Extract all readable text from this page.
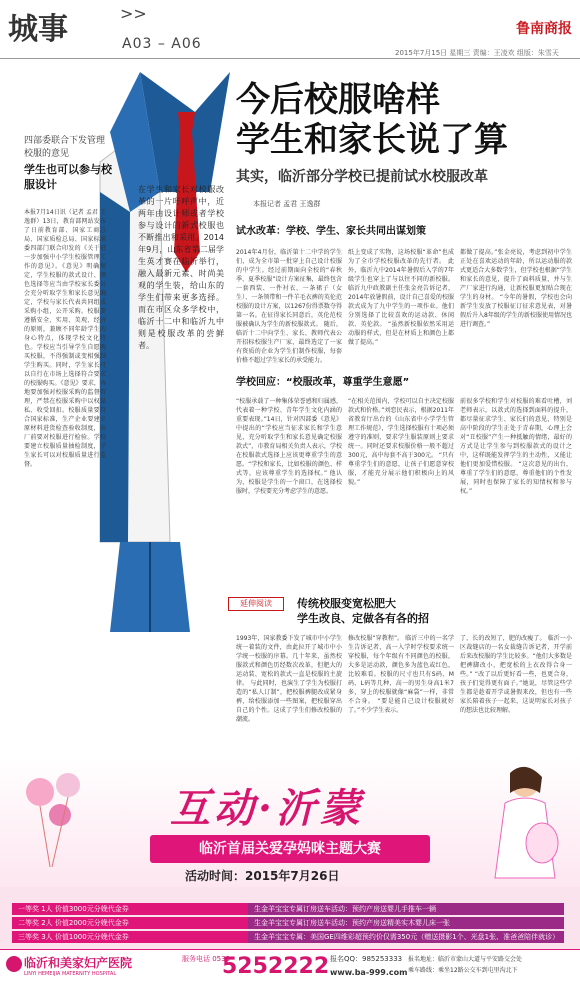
城事	>>
A03 – A06
鲁南商报
2015年7月15日 星期三 责编：王凌欢 组版：朱雪天
今后校服啥样
学生和家长说了算
其实，临沂部分学校已提前试水校服改革
本报记者 孟君 王逸群
在学生和家长对校服改革的一片吁呼声中，近两年由设计师或者学校参与设计的新式校服也不断推出和采用。2014年9月，山东省第二届学生英才赛在临沂举行，融入最新元素、时尚美观的学生装，给山东的学生们带来更多选择。 而在市区众多学校中，临沂十二中和临沂九中则是校服改革的尝鲜者。
四部委联合下发管理校服的意见
学生也可以参与校服设计
本报7月14日讯（记者 孟君 王逸群）13日，教育部网站发布了日前教育部、国家工商总局、国家质检总局、国家标准委四部门联合印发的《关于进一步加强中小学生校服管理工作的意见》。《意见》明确规定，学生校服的款式设计、颜色选择等应当由学校家长委员会充分听取学生和家长意见确定，学校与家长代表共同组成采购小组，公开采购。校服要遵循安全、实用、美观、经济的原则，兼顾不同年龄学生的身心特点，体现学校文化特色。学校应当引导学生自愿购买校服，不得强制或变相强制学生购买。同时，学生家长可以自行在市场上选择符合要求的校服购买。《意见》要求，各地要加强对校服采购的监督管理，严禁在校服采购中以权谋私、收受回扣。校服质量要符合国家标准，生产企业要建立原材料进货检查验收制度，出厂前要对校服进行检验。学校要建立校服质量抽检制度，学生家长可以对校服质量进行监督。
试水改革：学校、学生、家长共同出谋划策
2014年4月份，临沂第十二中学的学生们，成为全市第一批穿上自己设计校服的中学生。经过前期面向全校的“春秋季、夏季校服”设计方案征集，最终包含一套西装、一件衬衣、一条裙子（女生）、一条领带和一件羊毛衣裤的英伦范校服的设计方案，以1267份得票数夺得第一名。在征得家长同意后，英伦范校服被确认为学生的新校服款式。 随后，临沂十二中向学生、家长、教师代表公开招标校服生产厂家，最终选定了一家有资质的企业为学生们制作校服，每套价格不超过学生家长的承受能力。
纸上变成了实物，这场校服“革命”也成为了全市学校校服改革的先行者。 此外，临沂九中2014年暑假后入学的7年级学生也穿上了与以往不同的新校服。临沂九中政教副主任张金亮告诉记者，2014年放暑假前，设计自己喜爱的校服款式成为了九中学生的一项作业。他们分别选择了比较喜欢的运动款、休闲款、英伦款。 “虽然新校服依然采用运动服的样式，但是在材质上和颜色上都做了提高。”
都做了提高。”张金亮说，考虑到初中学生正处在喜欢运动的年龄，所以运动服的款式更适合大多数学生，但学校也根据“学生和家长的意见，提升了面料质量，并与生产厂家进行沟通，让新校服更加贴合现在学生的身材。 “今年的暑假，学校也会向新学生发放了校服征订征求意见表，对暑假后升入8年级的学生的新校服使用情况也进行调查。”
学校回应：“校服改革，尊重学生意愿”
“校服承载了一种集体荣誉感和归属感，代表着一种学校、青年学生文化内涵的重要表现。”14日，针对四部委《意见》中提出的“学校应当征求家长和学生意见，充分听取学生和家长意见确定校服款式”，市教育局相关负责人表示，学校在校服款式选择上应该更尊重学生的意愿。“学校和家长，比如校服的颜色、样式等，应该尊重学生的选择权。” 他认为，校服是学生的一个窗口，在选择校服时，学校要充分考虑学生的意愿。
“在相关范围内，学校可以自主决定校服款式和价格。”刘恋民表示，根据2011年省教育厅出台的《山东省中小学学生管理工作规范》，学生选择校服有十项必须遵守的准则，要求学生服装原则上要求统一。同时还要求校服价格一般不超过300元，高中每套不高于300元。 “只有尊重学生们的意愿，让孩子们愿意穿校服，才能充分展示他们积极向上的风貌。”
前很多学校和学生对校服的难看吐槽，刘老师表示，以款式的选择到面料的提升，都尽量征求学生、家长们的意见，特别是高中阶段的学生正处于青春期，心理上会对“丑校服”产生一种抵触的情绪，最好的方式是让学生参与到校服款式的设计之中，这样既能发挥学生的主动性，又能让他们更加爱惜校服。 “这次意见的出台，尊重了学生们的意愿，尊重他们的个性发展，同时也保障了家长的知情权和参与权。”
延伸阅读	传统校服变宽松肥大
学生改良、定做各有各的招
1993年，国家教委下发了城市中小学生统一着装的文件，由此拉开了城市中小学统一校服的序幕。几十年来，虽然校服款式和颜色历经数次改革，但肥大的运动装、宽松的款式一直是校服的主旋律。 与此同时，也演生了学生为校服打造的“私人订制”，把校服裤腿改成紧身裤，给校服添加一些图案，把校服穿出自己的个性。这成了学生们修改校服的潮流。
修改校服“穿教程”。 临沂三中的一名学生告诉记者，高一入学时学校要求统一穿校服，每个年级有不同颜色的校服，大多是运动款，颜色多为蓝色或红色，比较难看。校服的尺寸也只有S码、M码、L码等几种，高一的男生身高1米7多，穿上的校服就像“麻袋”一样，非常不合身。 “要是能自己设计校服就好了。”不少学生表示。
了，长的改短了，肥的改瘦了。 临沂一小区裁缝店的一名女裁缝告诉记者，开学前后来改校服的学生比较多。“他们大多数是把裤脚改小，把宽松的上衣改得合身一些。” “改了以后更好看一些，也更合身，孩子们觉得更有面子。”她说，尽管这些学生都是趁着开学或暑假来改，但也有一些家长陪着孩子一起来，这说明家长对孩子的想法也比较理解。
互动·沂蒙
临沂首届关爱孕妈咪主题大赛
活动时间：2015年7月26日
一等奖 1人 价值3000元分娩代金券	生金羊宝宝专属订房送车活动：预约产房送婴儿手推车一辆
二等奖 2人 价值2000元分娩代金券	生金羊宝宝专属订房送车活动：预约产房送精美实木婴儿床一张
三等奖 3人 价值1000元分娩代金券	生金羊宝宝专属：美国GE四维彩超预约价仅需350元（赠送摄影1个、光盘1张、准爸爸陪伴就诊）
临沂和美家妇产医院
LINYI HEMEIJIA MATERNITY HOSPITAL
服务电话 0539-
5252222 报名QQ：985253333
www.ba-999.com
报名地址：临沂市蒙山大道与平安路交会处
乘车路线：乘坐12路公交车到屯里沟北下
